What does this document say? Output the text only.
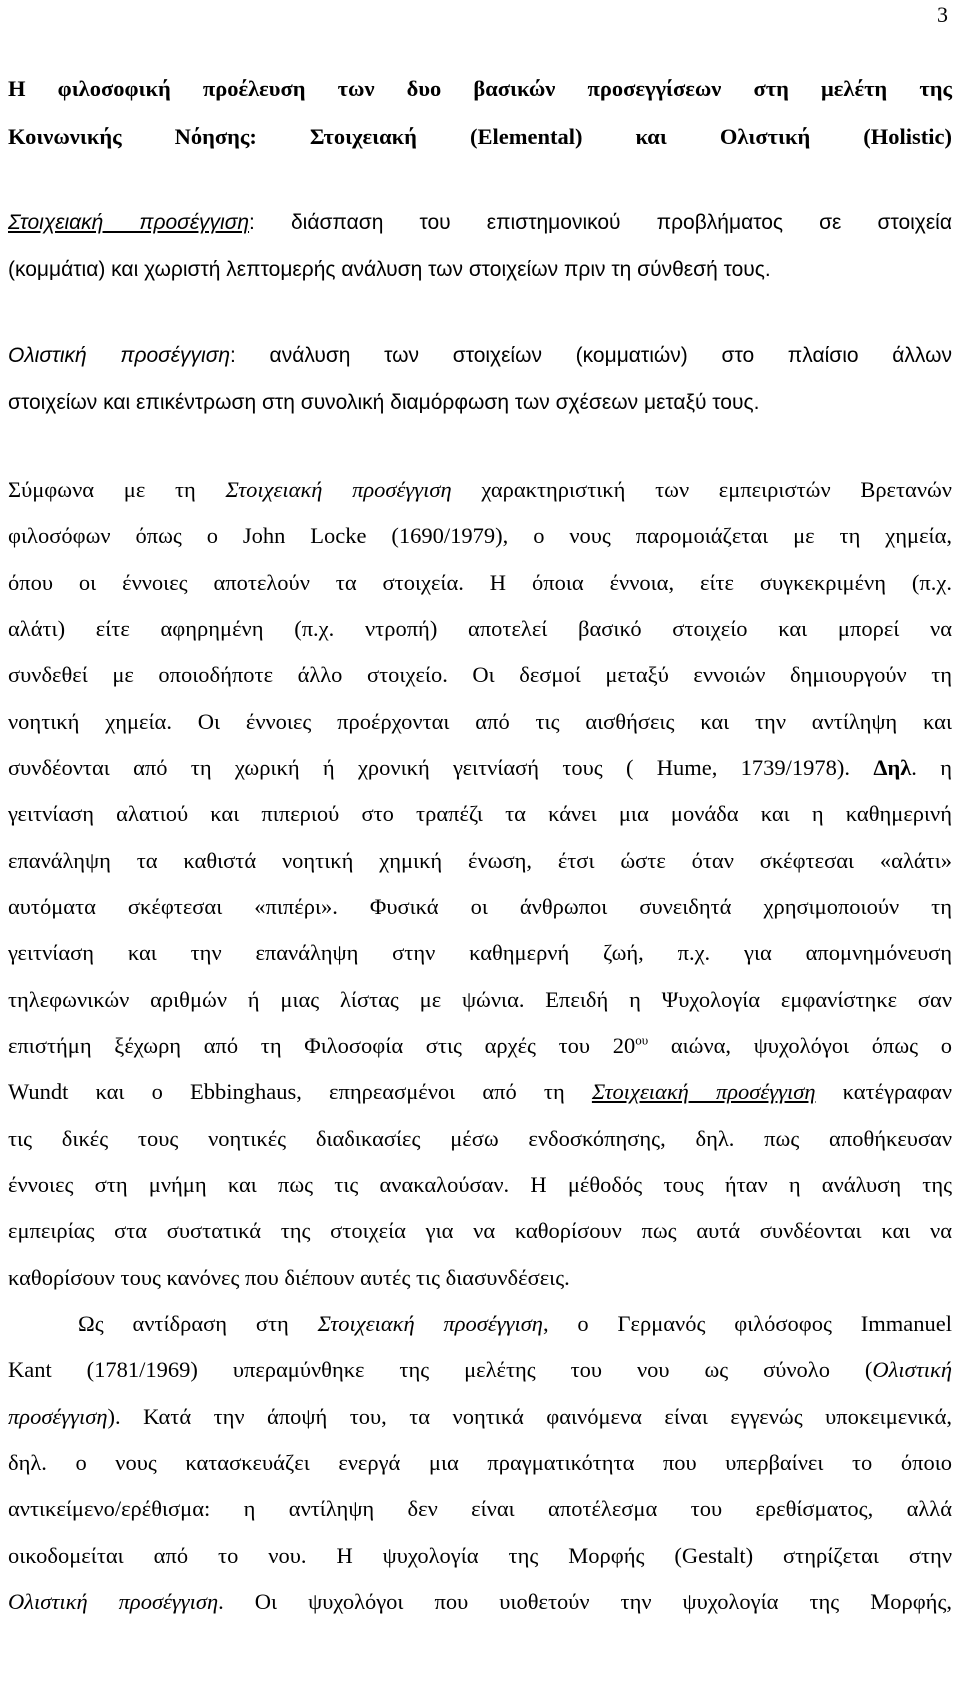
3
Η φιλοσοφική προέλευση των δυο βασικών προσεγγίσεων στη μελέτη της
Κοινωνικής Νόησης: Στοιχειακή (Elemental) και Ολιστική (Holistic)
Στοιχειακή προσέγγιση: διάσπαση του επιστημονικού προβλήματος σε στοιχεία
(κομμάτια) και χωριστή λεπτομερής ανάλυση των στοιχείων πριν τη σύνθεσή τους.
Ολιστική προσέγγιση: ανάλυση των στοιχείων (κομματιών) στο πλαίσιο άλλων
στοιχείων και επικέντρωση στη συνολική διαμόρφωση των σχέσεων μεταξύ τους.
Σύμφωνα με τη Στοιχειακή προσέγγιση χαρακτηριστική των εμπειριστών Βρετανών
φιλοσόφων όπως ο John Locke (1690/1979), ο νους παρομοιάζεται με τη χημεία,
όπου οι έννοιες αποτελούν τα στοιχεία. Η όποια έννοια, είτε συγκεκριμένη (π.χ.
αλάτι) είτε αφηρημένη (π.χ. ντροπή) αποτελεί βασικό στοιχείο και μπορεί να
συνδεθεί με οποιοδήποτε άλλο στοιχείο. Οι δεσμοί μεταξύ εννοιών δημιουργούν τη
νοητική χημεία. Οι έννοιες προέρχονται από τις αισθήσεις και την αντίληψη και
συνδέονται από τη χωρική ή χρονική γειτνίασή τους ( Hume, 1739/1978). Δηλ. η
γειτνίαση αλατιού και πιπεριού στο τραπέζι τα κάνει μια μονάδα και η καθημερινή
επανάληψη τα καθιστά νοητική χημική ένωση, έτσι ώστε όταν σκέφτεσαι «αλάτι»
αυτόματα σκέφτεσαι «πιπέρι». Φυσικά οι άνθρωποι συνειδητά χρησιμοποιούν τη
γειτνίαση και την επανάληψη στην καθημερνή ζωή, π.χ. για απομνημόνευση
τηλεφωνικών αριθμών ή μιας λίστας με ψώνια. Επειδή η Ψυχολογία εμφανίστηκε σαν
επιστήμη ξέχωρη από τη Φιλοσοφία στις αρχές του $20^{o\upsilon}$ αιώνα, ψυχολόγοι όπως ο
Wundt και ο Ebbinghaus, επηρεασμένοι από τη Στοιχειακή προσέγγιση κατέγραφαν
τις δικές τους νοητικές διαδικασίες μέσω ενδοσκόπησης, δηλ. πως αποθήκευσαν
έννοιες στη μνήμη και πως τις ανακαλούσαν. Η μέθοδός τους ήταν η ανάλυση της
εμπειρίας στα συστατικά της στοιχεία για να καθορίσουν πως αυτά συνδέονται και να
καθορίσουν τους κανόνες που διέπουν αυτές τις διασυνδέσεις.
Ως αντίδραση στη Στοιχειακή προσέγγιση, ο Γερμανός φιλόσοφος Immanuel
Kant (1781/1969) υπεραμύνθηκε της μελέτης του νου ως σύνολο (Ολιστική
προσέγγιση). Κατά την άποψή του, τα νοητικά φαινόμενα είναι εγγενώς υποκειμενικά,
δηλ. ο νους κατασκευάζει ενεργά μια πραγματικότητα που υπερβαίνει το όποιο
αντικείμενο/ερέθισμα: η αντίληψη δεν είναι αποτέλεσμα του ερεθίσματος, αλλά
οικοδομείται από το νου. Η ψυχολογία της Μορφής (Gestalt) στηρίζεται στην
Ολιστική προσέγγιση. Οι ψυχολόγοι που υιοθετούν την ψυχολογία της Μορφής,
